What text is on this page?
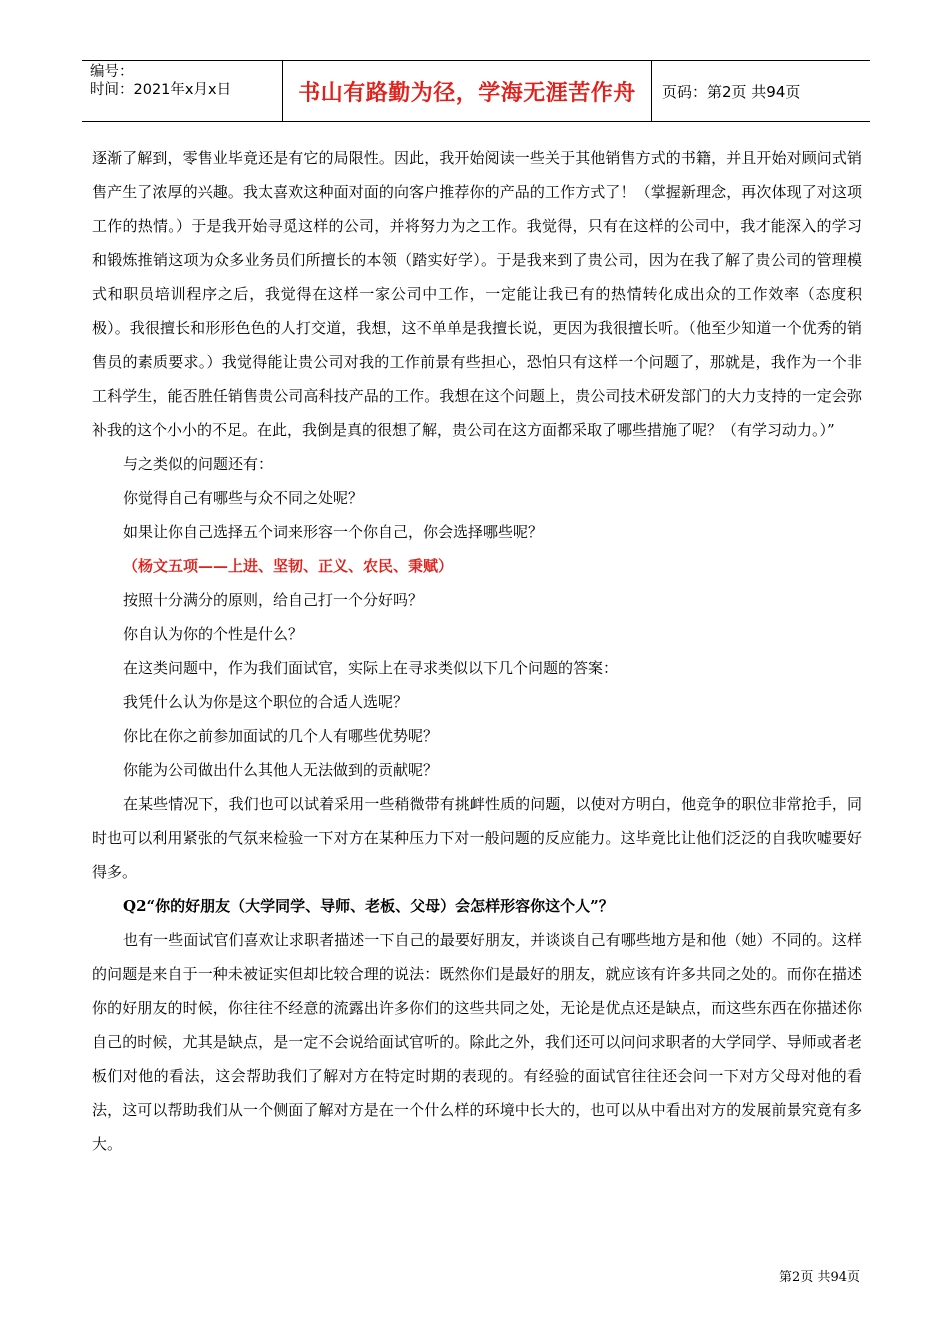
编号：
时间：2021年x月x日	书山有路勤为径，学海无涯苦作舟	页码：第2页 共94页

逐渐了解到，零售业毕竟还是有它的局限性。因此，我开始阅读一些关于其他销售方式的书籍，并且开始对顾问式销售产生了浓厚的兴趣。我太喜欢这种面对面的向客户推荐你的产品的工作方式了！（掌握新理念，再次体现了对这项工作的热情。）于是我开始寻觅这样的公司，并将努力为之工作。我觉得，只有在这样的公司中，我才能深入的学习和锻炼推销这项为众多业务员们所擅长的本领（踏实好学）。于是我来到了贵公司，因为在我了解了贵公司的管理模式和职员培训程序之后，我觉得在这样一家公司中工作，一定能让我已有的热情转化成出众的工作效率（态度积极）。我很擅长和形形色色的人打交道，我想，这不单单是我擅长说，更因为我很擅长听。（他至少知道一个优秀的销售员的素质要求。）我觉得能让贵公司对我的工作前景有些担心，恐怕只有这样一个问题了，那就是，我作为一个非工科学生，能否胜任销售贵公司高科技产品的工作。我想在这个问题上，贵公司技术研发部门的大力支持的一定会弥补我的这个小小的不足。在此，我倒是真的很想了解，贵公司在这方面都采取了哪些措施了呢？（有学习动力。）”

与之类似的问题还有：

你觉得自己有哪些与众不同之处呢？

如果让你自己选择五个词来形容一个你自己，你会选择哪些呢？

（杨文五项——上进、坚韧、正义、农民、秉赋）

按照十分满分的原则，给自己打一个分好吗？

你自认为你的个性是什么？

在这类问题中，作为我们面试官，实际上在寻求类似以下几个问题的答案：

我凭什么认为你是这个职位的合适人选呢？

你比在你之前参加面试的几个人有哪些优势呢？

你能为公司做出什么其他人无法做到的贡献呢？

在某些情况下，我们也可以试着采用一些稍微带有挑衅性质的问题，以使对方明白，他竞争的职位非常抢手，同时也可以利用紧张的气氛来检验一下对方在某种压力下对一般问题的反应能力。这毕竟比让他们泛泛的自我吹嘘要好得多。

Q2“你的好朋友（大学同学、导师、老板、父母）会怎样形容你这个人”？

也有一些面试官们喜欢让求职者描述一下自己的最要好朋友，并谈谈自己有哪些地方是和他（她）不同的。这样的问题是来自于一种未被证实但却比较合理的说法：既然你们是最好的朋友，就应该有许多共同之处的。而你在描述你的好朋友的时候，你往往不经意的流露出许多你们的这些共同之处，无论是优点还是缺点，而这些东西在你描述你自己的时候，尤其是缺点，是一定不会说给面试官听的。除此之外，我们还可以问问求职者的大学同学、导师或者老板们对他的看法，这会帮助我们了解对方在特定时期的表现的。有经验的面试官往往还会问一下对方父母对他的看法，这可以帮助我们从一个侧面了解对方是在一个什么样的环境中长大的，也可以从中看出对方的发展前景究竟有多大。

第2页 共94页
